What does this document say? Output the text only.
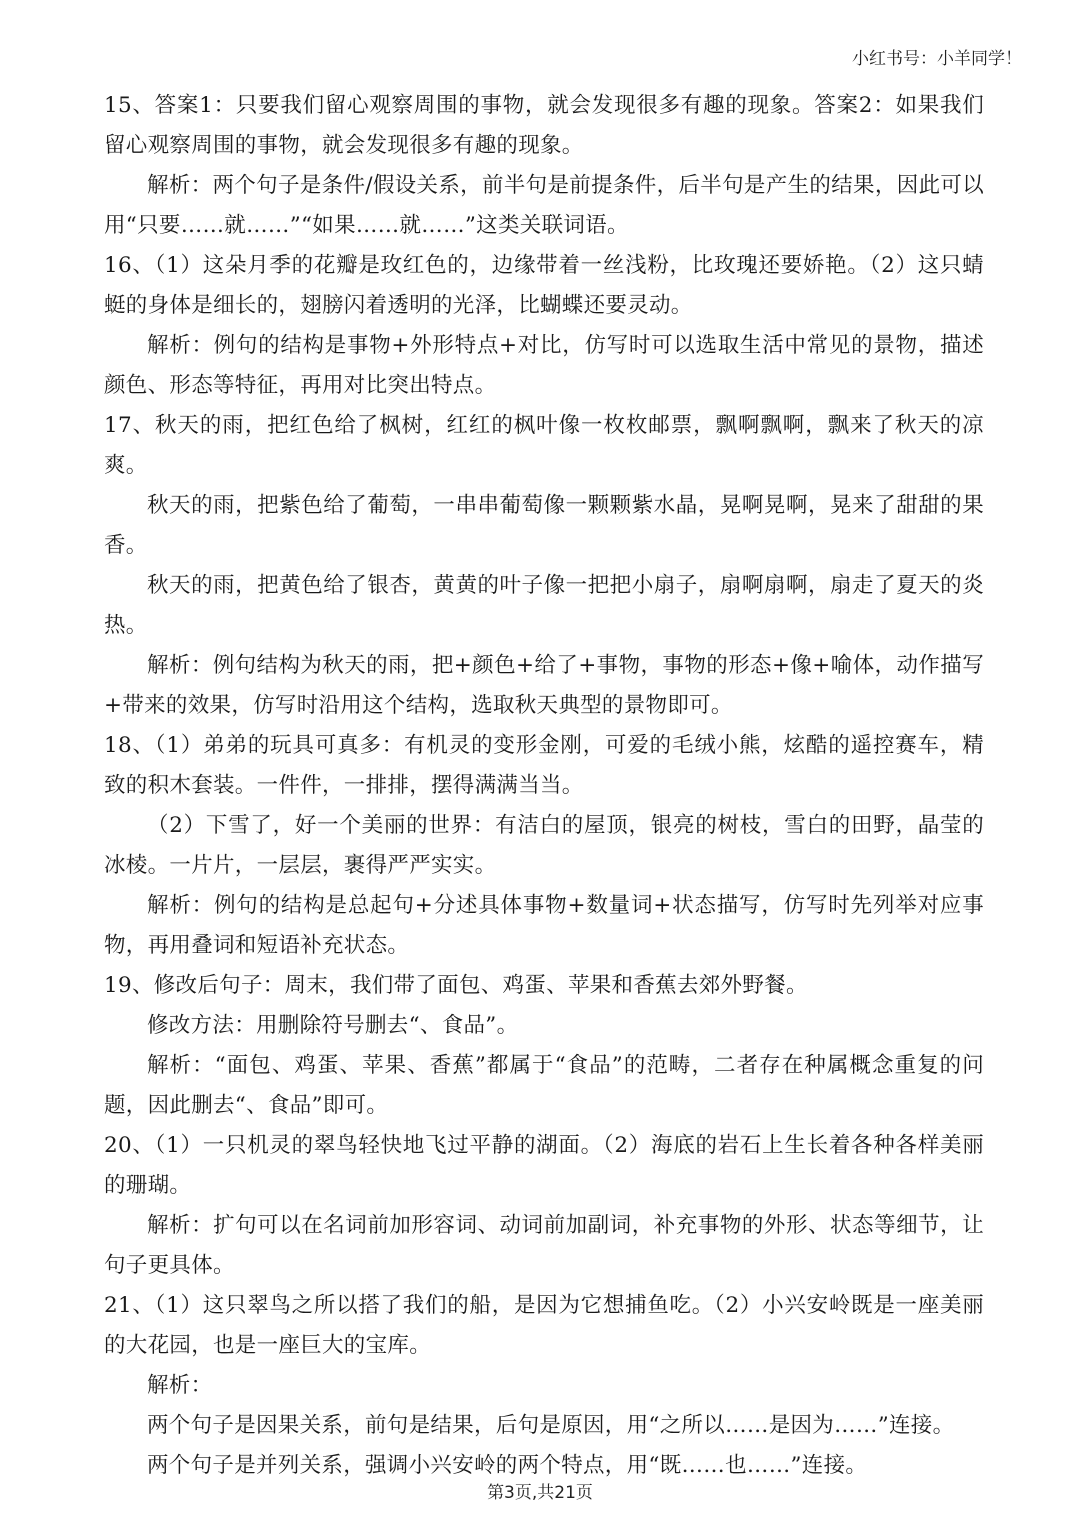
小红书号：小羊同学！

15、答案1：只要我们留心观察周围的事物，就会发现很多有趣的现象。答案2：如果我们留心观察周围的事物，就会发现很多有趣的现象。

解析：两个句子是条件/假设关系，前半句是前提条件，后半句是产生的结果，因此可以用“只要……就……”“如果……就……”这类关联词语。

16、（1）这朵月季的花瓣是玫红色的，边缘带着一丝浅粉，比玫瑰还要娇艳。（2）这只蜻蜓的身体是细长的，翅膀闪着透明的光泽，比蝴蝶还要灵动。

解析：例句的结构是事物+外形特点+对比，仿写时可以选取生活中常见的景物，描述颜色、形态等特征，再用对比突出特点。

17、秋天的雨，把红色给了枫树，红红的枫叶像一枚枚邮票，飘啊飘啊，飘来了秋天的凉爽。

秋天的雨，把紫色给了葡萄，一串串葡萄像一颗颗紫水晶，晃啊晃啊，晃来了甜甜的果香。

秋天的雨，把黄色给了银杏，黄黄的叶子像一把把小扇子，扇啊扇啊，扇走了夏天的炎热。

解析：例句结构为秋天的雨，把+颜色+给了+事物，事物的形态+像+喻体，动作描写+带来的效果，仿写时沿用这个结构，选取秋天典型的景物即可。

18、（1）弟弟的玩具可真多：有机灵的变形金刚，可爱的毛绒小熊，炫酷的遥控赛车，精致的积木套装。一件件，一排排，摆得满满当当。

（2）下雪了，好一个美丽的世界：有洁白的屋顶，银亮的树枝，雪白的田野，晶莹的冰棱。一片片，一层层，裹得严严实实。

解析：例句的结构是总起句+分述具体事物+数量词+状态描写，仿写时先列举对应事物，再用叠词和短语补充状态。

19、修改后句子：周末，我们带了面包、鸡蛋、苹果和香蕉去郊外野餐。

修改方法：用删除符号删去“、食品”。

解析：“面包、鸡蛋、苹果、香蕉”都属于“食品”的范畴，二者存在种属概念重复的问题，因此删去“、食品”即可。

20、（1）一只机灵的翠鸟轻快地飞过平静的湖面。（2）海底的岩石上生长着各种各样美丽的珊瑚。

解析：扩句可以在名词前加形容词、动词前加副词，补充事物的外形、状态等细节，让句子更具体。

21、（1）这只翠鸟之所以搭了我们的船，是因为它想捕鱼吃。（2）小兴安岭既是一座美丽的大花园，也是一座巨大的宝库。

解析：

两个句子是因果关系，前句是结果，后句是原因，用“之所以……是因为……”连接。

两个句子是并列关系，强调小兴安岭的两个特点，用“既……也……”连接。

第3页,共21页
